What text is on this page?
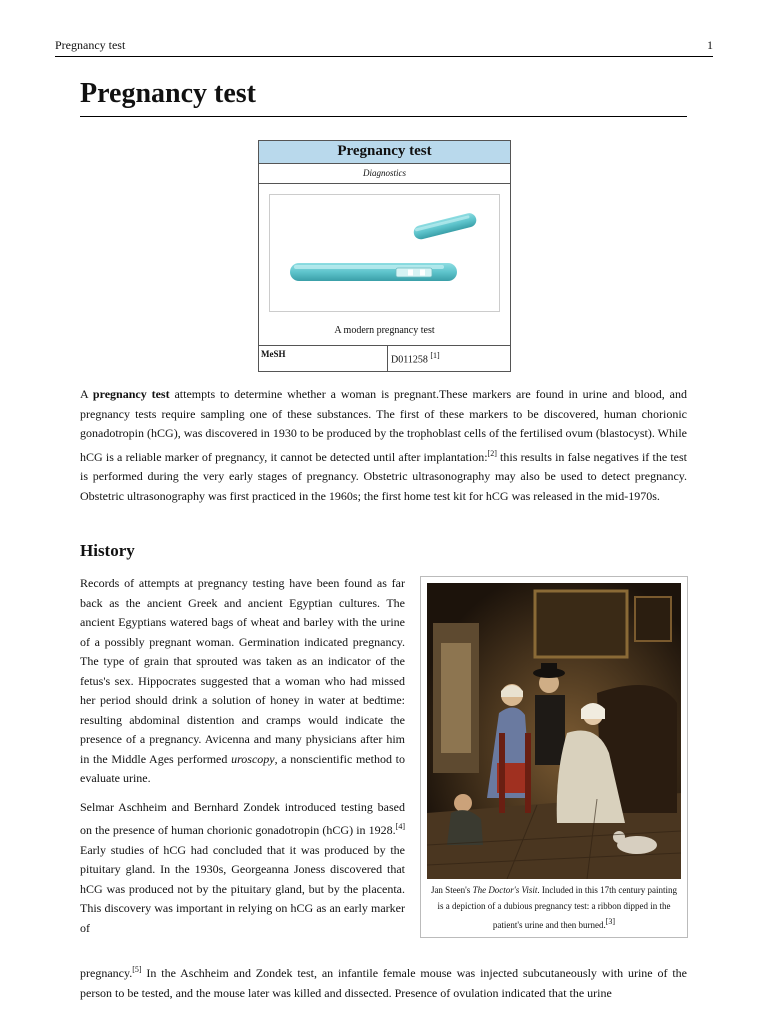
Pregnancy test	1
Pregnancy test
Pregnancy test
Diagnostics
A modern pregnancy test
MeSH
D011258 [1]

A pregnancy test attempts to determine whether a woman is pregnant.These markers are found in urine and blood, and pregnancy tests require sampling one of these substances. The first of these markers to be discovered, human chorionic gonadotropin (hCG), was discovered in 1930 to be produced by the trophoblast cells of the fertilised ovum (blastocyst). While hCG is a reliable marker of pregnancy, it cannot be detected until after implantation:[2] this results in false negatives if the test is performed during the very early stages of pregnancy. Obstetric ultrasonography may also be used to detect pregnancy. Obstetric ultrasonography was first practiced in the 1960s; the first home test kit for hCG was released in the mid-1970s.

History

Records of attempts at pregnancy testing have been found as far back as the ancient Greek and ancient Egyptian cultures. The ancient Egyptians watered bags of wheat and barley with the urine of a possibly pregnant woman. Germination indicated pregnancy. The type of grain that sprouted was taken as an indicator of the fetus's sex. Hippocrates suggested that a woman who had missed her period should drink a solution of honey in water at bedtime: resulting abdominal distention and cramps would indicate the presence of a pregnancy. Avicenna and many physicians after him in the Middle Ages performed uroscopy, a nonscientific method to evaluate urine.

Selmar Aschheim and Bernhard Zondek introduced testing based on the presence of human chorionic gonadotropin (hCG) in 1928.[4] Early studies of hCG had concluded that it was produced by the pituitary gland. In the 1930s, Georgeanna Joness discovered that hCG was produced not by the pituitary gland, but by the placenta. This discovery was important in relying on hCG as an early marker of

Jan Steen's The Doctor's Visit. Included in this 17th century painting is a depiction of a dubious pregnancy test: a ribbon dipped in the patient's urine and then burned.[3]

pregnancy.[5] In the Aschheim and Zondek test, an infantile female mouse was injected subcutaneously with urine of the person to be tested, and the mouse later was killed and dissected. Presence of ovulation indicated that the urine
